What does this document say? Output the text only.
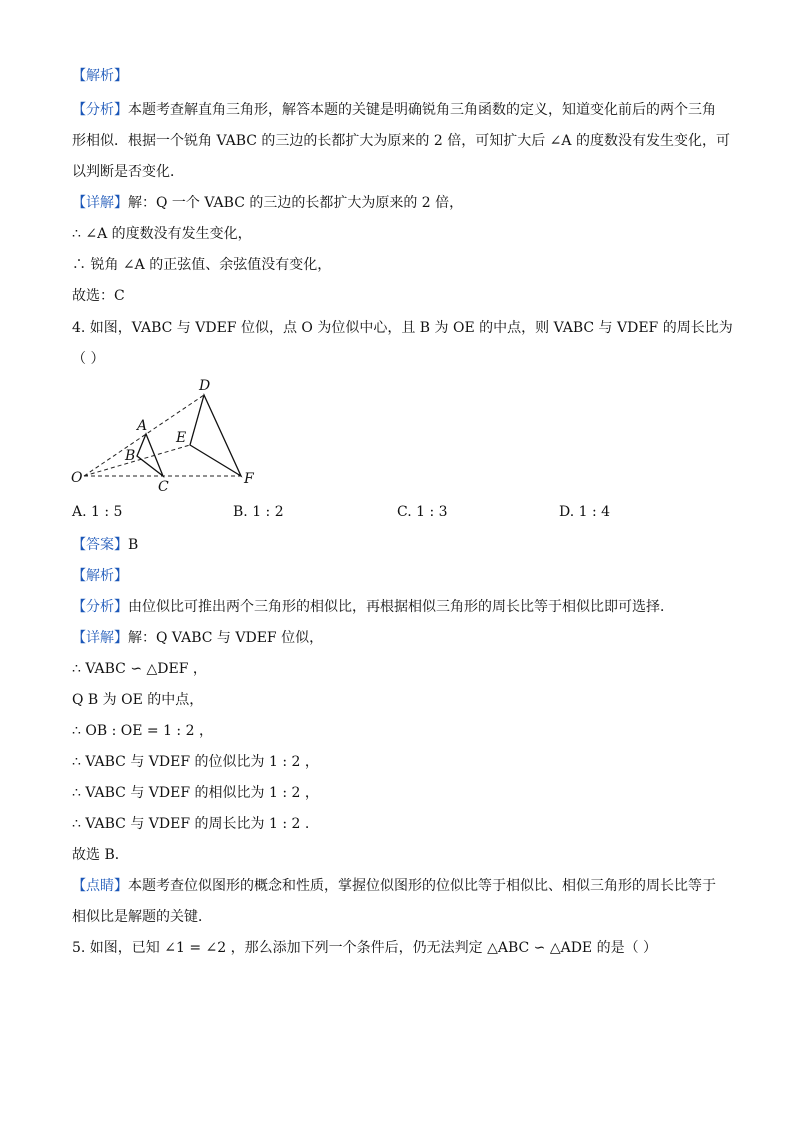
【解析】
【分析】本题考查解直角三角形，解答本题的关键是明确锐角三角函数的定义，知道变化前后的两个三角
形相似．根据一个锐角 VABC 的三边的长都扩大为原来的 2 倍，可知扩大后 ∠A 的度数没有发生变化，可
以判断是否变化．
【详解】解：Q 一个 VABC 的三边的长都扩大为原来的 2 倍，
∴ ∠A 的度数没有发生变化，
∴ 锐角 ∠A 的正弦值、余弦值没有变化，
故选：C
4. 如图，VABC 与 VDEF 位似，点 O 为位似中心，且 B 为 OE 的中点，则 VABC 与 VDEF 的周长比为
（ ）
O
A
B
C
D
E
F
A. 1 : 5	B. 1 : 2	C. 1 : 3	D. 1 : 4
【答案】B
【解析】
【分析】由位似比可推出两个三角形的相似比，再根据相似三角形的周长比等于相似比即可选择．
【详解】解：Q VABC 与 VDEF 位似，
∴ VABC ∽ △DEF ，
Q B 为 OE 的中点，
∴ OB : OE = 1 : 2 ，
∴ VABC 与 VDEF 的位似比为 1 : 2 ，
∴ VABC 与 VDEF 的相似比为 1 : 2 ，
∴ VABC 与 VDEF 的周长比为 1 : 2 .
故选 B．
【点睛】本题考查位似图形的概念和性质，掌握位似图形的位似比等于相似比、相似三角形的周长比等于
相似比是解题的关键．
5. 如图，已知 ∠1 = ∠2 ，那么添加下列一个条件后，仍无法判定 △ABC ∽ △ADE 的是（ ）
